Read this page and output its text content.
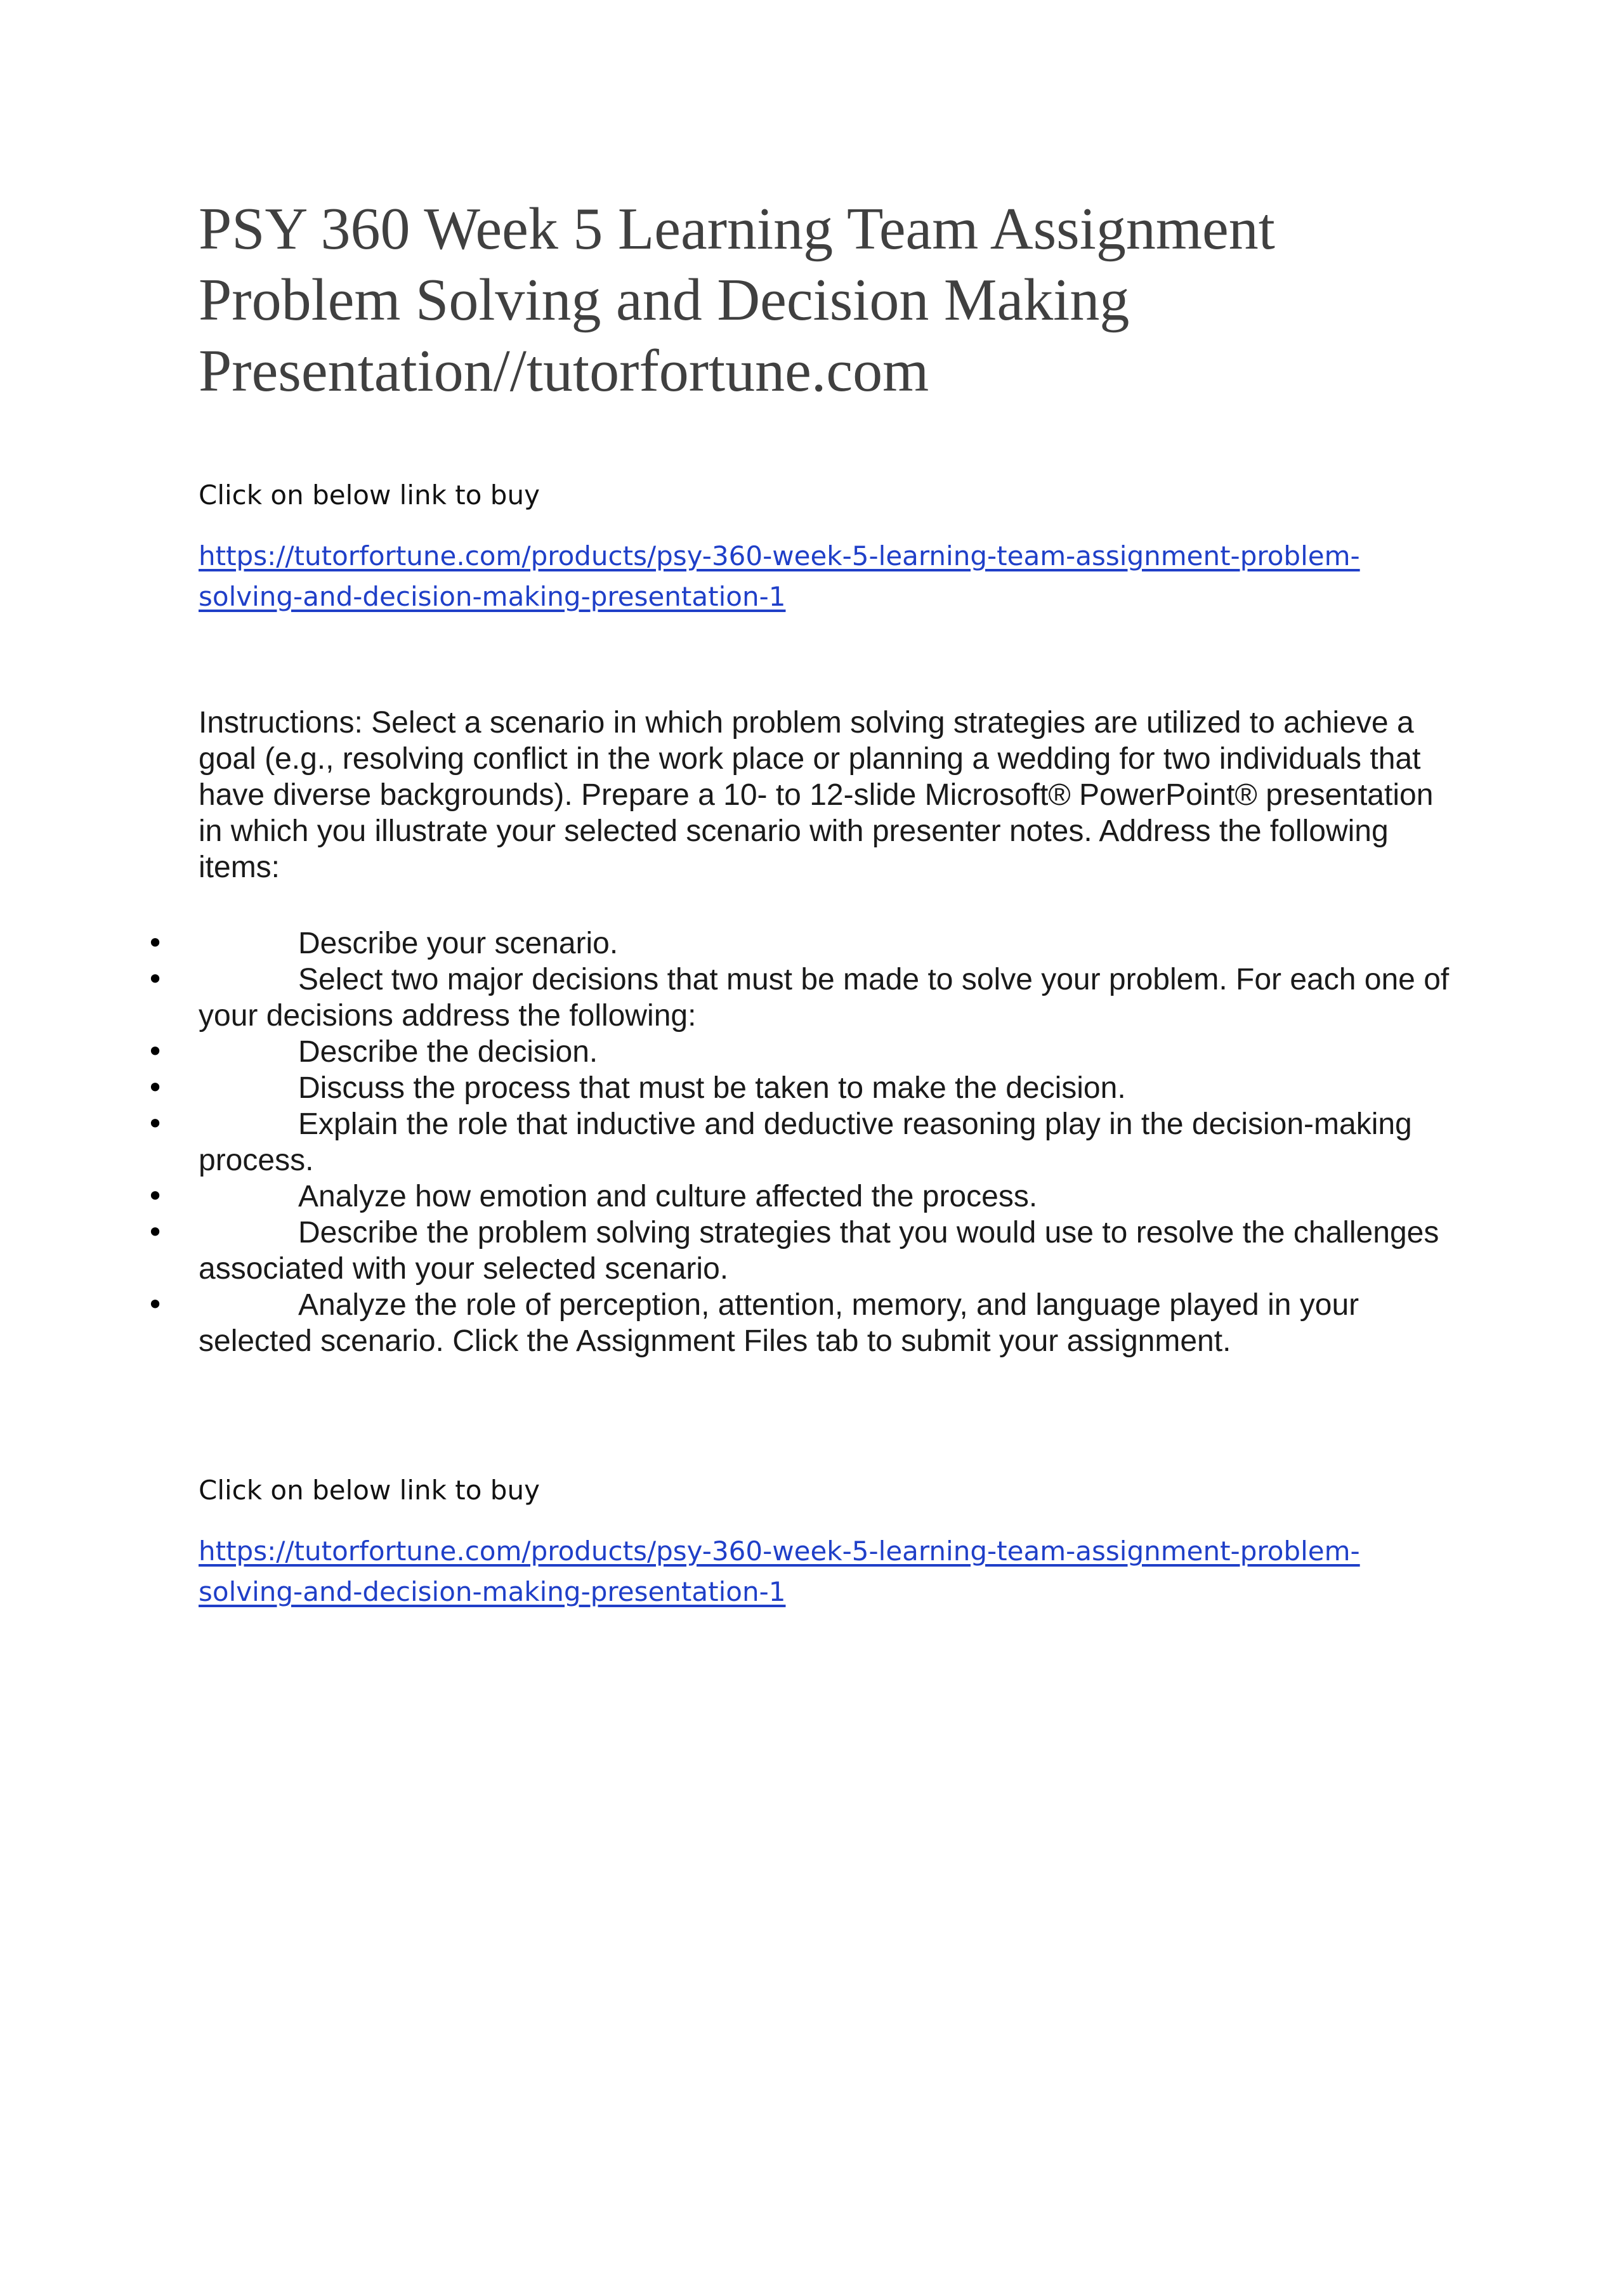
PSY 360 Week 5 Learning Team Assignment Problem Solving and Decision Making Presentation//tutorfortune.com

Click on below link to buy

https://tutorfortune.com/products/psy-360-week-5-learning-team-assignment-problem-solving-and-decision-making-presentation-1

Instructions: Select a scenario in which problem solving strategies are utilized to achieve a goal (e.g., resolving conflict in the work place or planning a wedding for two individuals that have diverse backgrounds). Prepare a 10- to 12-slide Microsoft® PowerPoint® presentation in which you illustrate your selected scenario with presenter notes. Address the following items:

•	Describe your scenario.
•	Select two major decisions that must be made to solve your problem. For each one of your decisions address the following:
•	Describe the decision.
•	Discuss the process that must be taken to make the decision.
•	Explain the role that inductive and deductive reasoning play in the decision-making process.
•	Analyze how emotion and culture affected the process.
•	Describe the problem solving strategies that you would use to resolve the challenges associated with your selected scenario.
•	Analyze the role of perception, attention, memory, and language played in your selected scenario. Click the Assignment Files tab to submit your assignment.

Click on below link to buy

https://tutorfortune.com/products/psy-360-week-5-learning-team-assignment-problem-solving-and-decision-making-presentation-1
